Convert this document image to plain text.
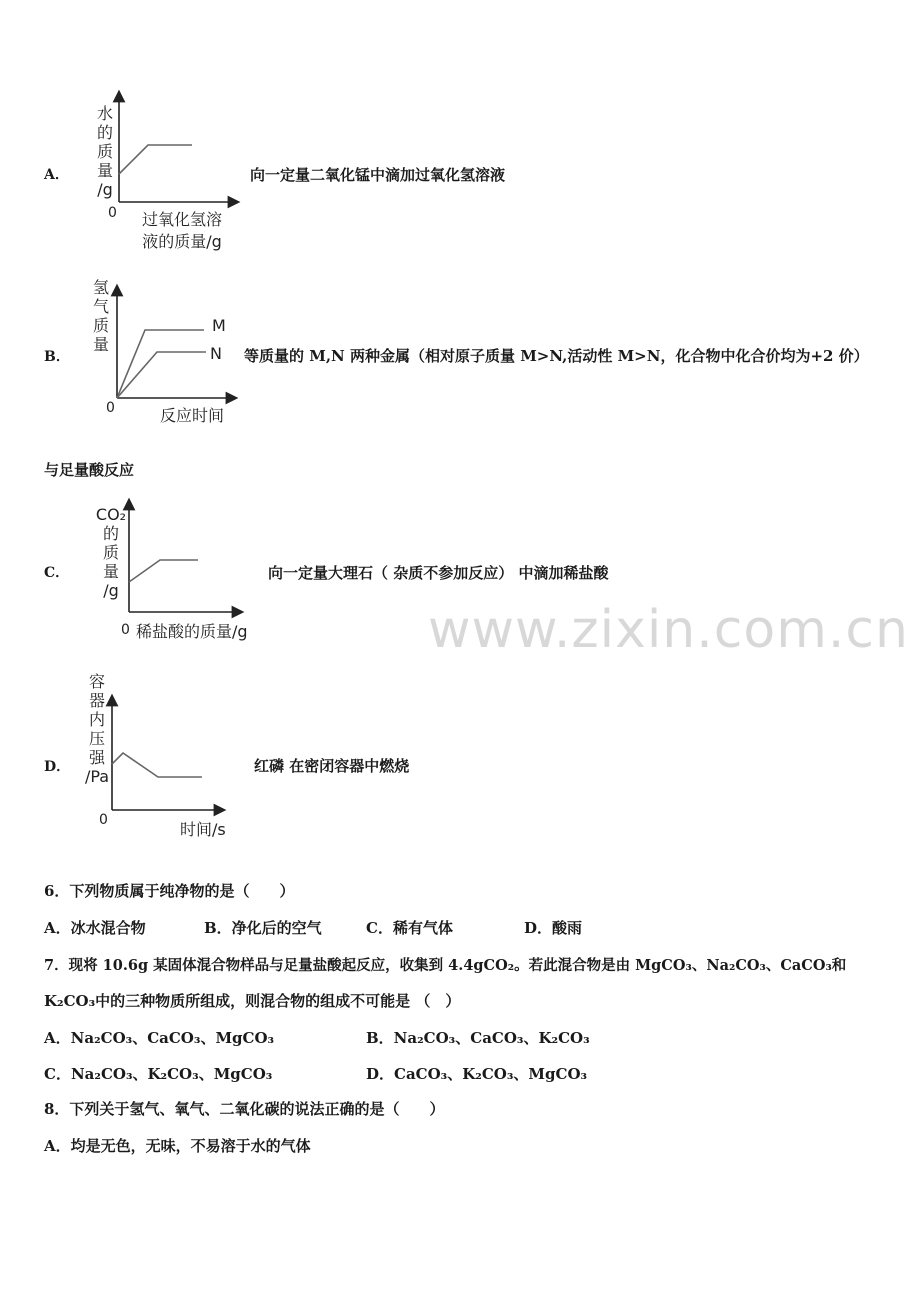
www.zixin.com.cn
A．
水
的
质
量
/g
0 过氧化氢溶
液的质量/g
向一定量二氧化锰中滴加过氧化氢溶液
B．
氢
气
质
量
M
N
0	反应时间
等质量的 M,N 两种金属（相对原子质量 M>N,活动性 M>N，化合物中化合价均为+2 价）
与足量酸反应
C．
CO₂
的
质
量
/g
0 稀盐酸的质量/g
向一定量大理石（ 杂质不参加反应） 中滴加稀盐酸
D．
容
器
内
压
强
/Pa
0	时间/s
红磷 在密闭容器中燃烧
6．下列物质属于纯净物的是（　　）
A．冰水混合物	B．净化后的空气	C．稀有气体	D．酸雨
7．现将 10.6g 某固体混合物样品与足量盐酸起反应，收集到 4.4gCO₂。若此混合物是由 MgCO₃、Na₂CO₃、CaCO₃和
K₂CO₃中的三种物质所组成，则混合物的组成不可能是 （　）
A．Na₂CO₃、CaCO₃、MgCO₃	B．Na₂CO₃、CaCO₃、K₂CO₃
C．Na₂CO₃、K₂CO₃、MgCO₃	D．CaCO₃、K₂CO₃、MgCO₃
8．下列关于氢气、氧气、二氧化碳的说法正确的是（　　）
A．均是无色，无味，不易溶于水的气体
